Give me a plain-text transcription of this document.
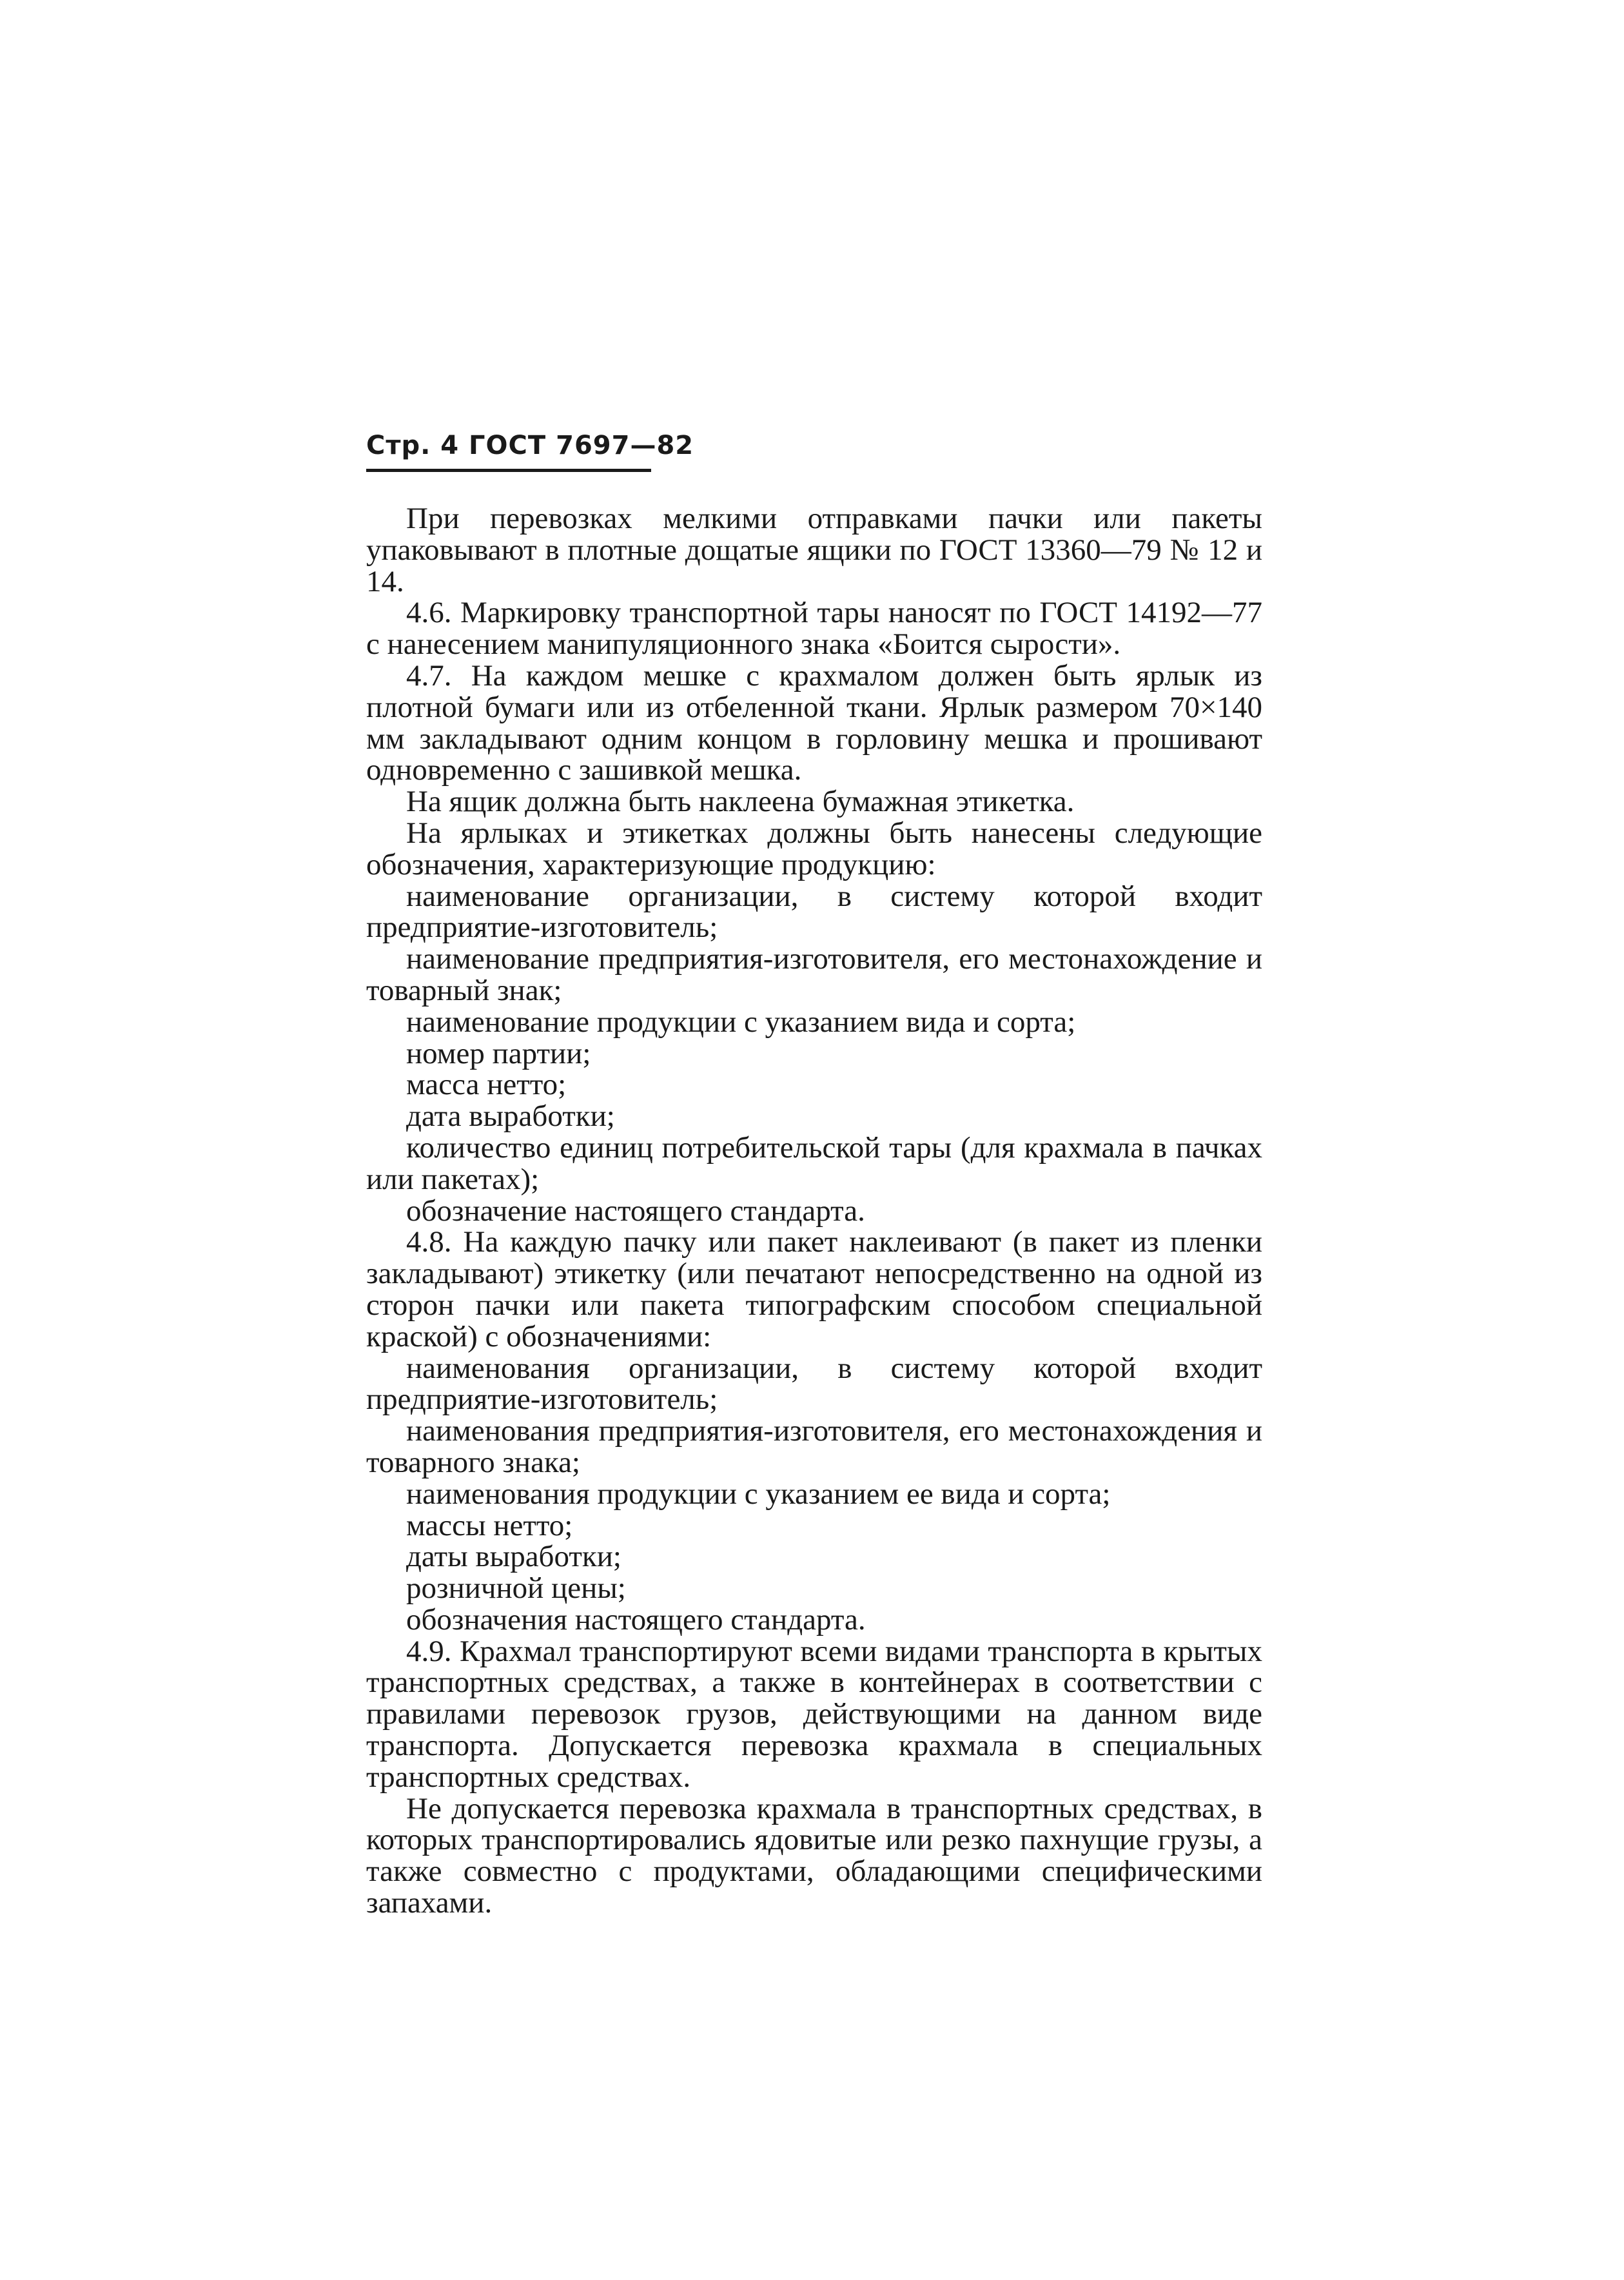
Стр. 4 ГОСТ 7697—82

При перевозках мелкими отправками пачки или пакеты упаковывают в плотные дощатые ящики по ГОСТ 13360—79 № 12 и 14.

4.6. Маркировку транспортной тары наносят по ГОСТ 14192—77 с нанесением манипуляционного знака «Боится сырости».

4.7. На каждом мешке с крахмалом должен быть ярлык из плотной бумаги или из отбеленной ткани. Ярлык размером 70×140 мм закладывают одним концом в горловину мешка и прошивают одновременно с зашивкой мешка.

На ящик должна быть наклеена бумажная этикетка.

На ярлыках и этикетках должны быть нанесены следующие обозначения, характеризующие продукцию:

наименование организации, в систему которой входит предприятие-изготовитель;

наименование предприятия-изготовителя, его местонахождение и товарный знак;

наименование продукции с указанием вида и сорта;

номер партии;

масса нетто;

дата выработки;

количество единиц потребительской тары (для крахмала в пачках или пакетах);

обозначение настоящего стандарта.

4.8. На каждую пачку или пакет наклеивают (в пакет из пленки закладывают) этикетку (или печатают непосредственно на одной из сторон пачки или пакета типографским способом специальной краской) с обозначениями:

наименования организации, в систему которой входит предприятие-изготовитель;

наименования предприятия-изготовителя, его местонахождения и товарного знака;

наименования продукции с указанием ее вида и сорта;

массы нетто;

даты выработки;

розничной цены;

обозначения настоящего стандарта.

4.9. Крахмал транспортируют всеми видами транспорта в крытых транспортных средствах, а также в контейнерах в соответствии с правилами перевозок грузов, действующими на данном виде транспорта. Допускается перевозка крахмала в специальных транспортных средствах.

Не допускается перевозка крахмала в транспортных средствах, в которых транспортировались ядовитые или резко пахнущие грузы, а также совместно с продуктами, обладающими специфическими запахами.
